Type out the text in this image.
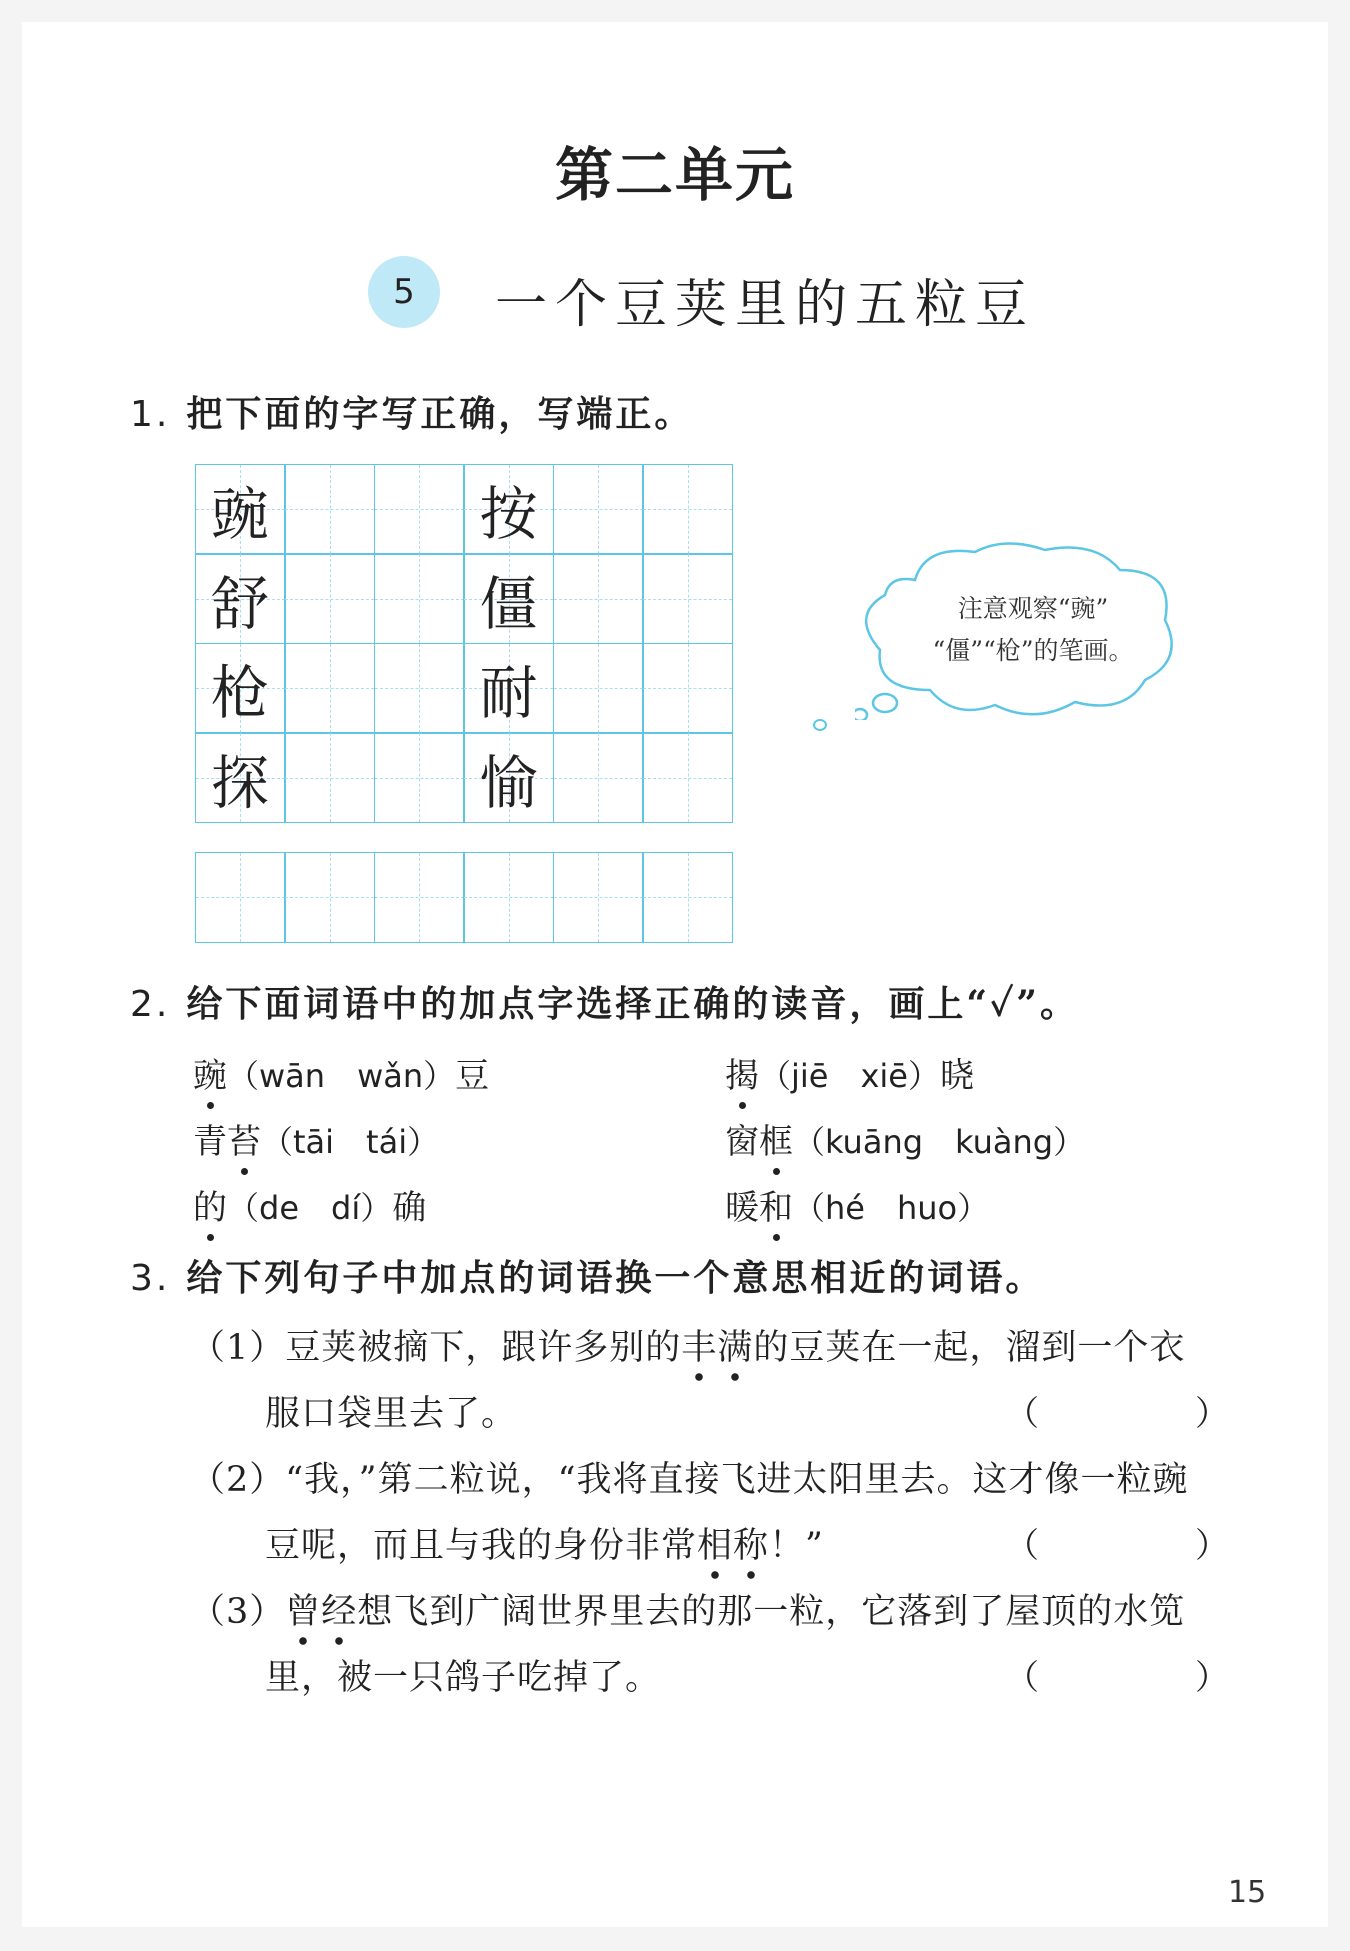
第二单元
5	一个豆荚里的五粒豆
1. 把下面的字写正确，写端正。
豌	按
舒	僵
枪	耐
探	愉
注意观察“豌”
“僵”“枪”的笔画。
2. 给下面词语中的加点字选择正确的读音，画上“✓”。
豌（wān　wǎn）豆	揭（jiē　xiē）晓
青苔（tāi　tái）	窗框（kuāng　kuàng）
的（de　dí）确	暖和（hé　huo）
3. 给下列句子中加点的词语换一个意思相近的词语。
（1）豆荚被摘下，跟许多别的丰满的豆荚在一起，溜到一个衣
服口袋里去了。	（	）
（2）“我，”第二粒说，“我将直接飞进太阳里去。这才像一粒豌
豆呢，而且与我的身份非常相称！”	（	）
（3）曾经想飞到广阔世界里去的那一粒，它落到了屋顶的水笕
里，被一只鸽子吃掉了。	（	）
15
